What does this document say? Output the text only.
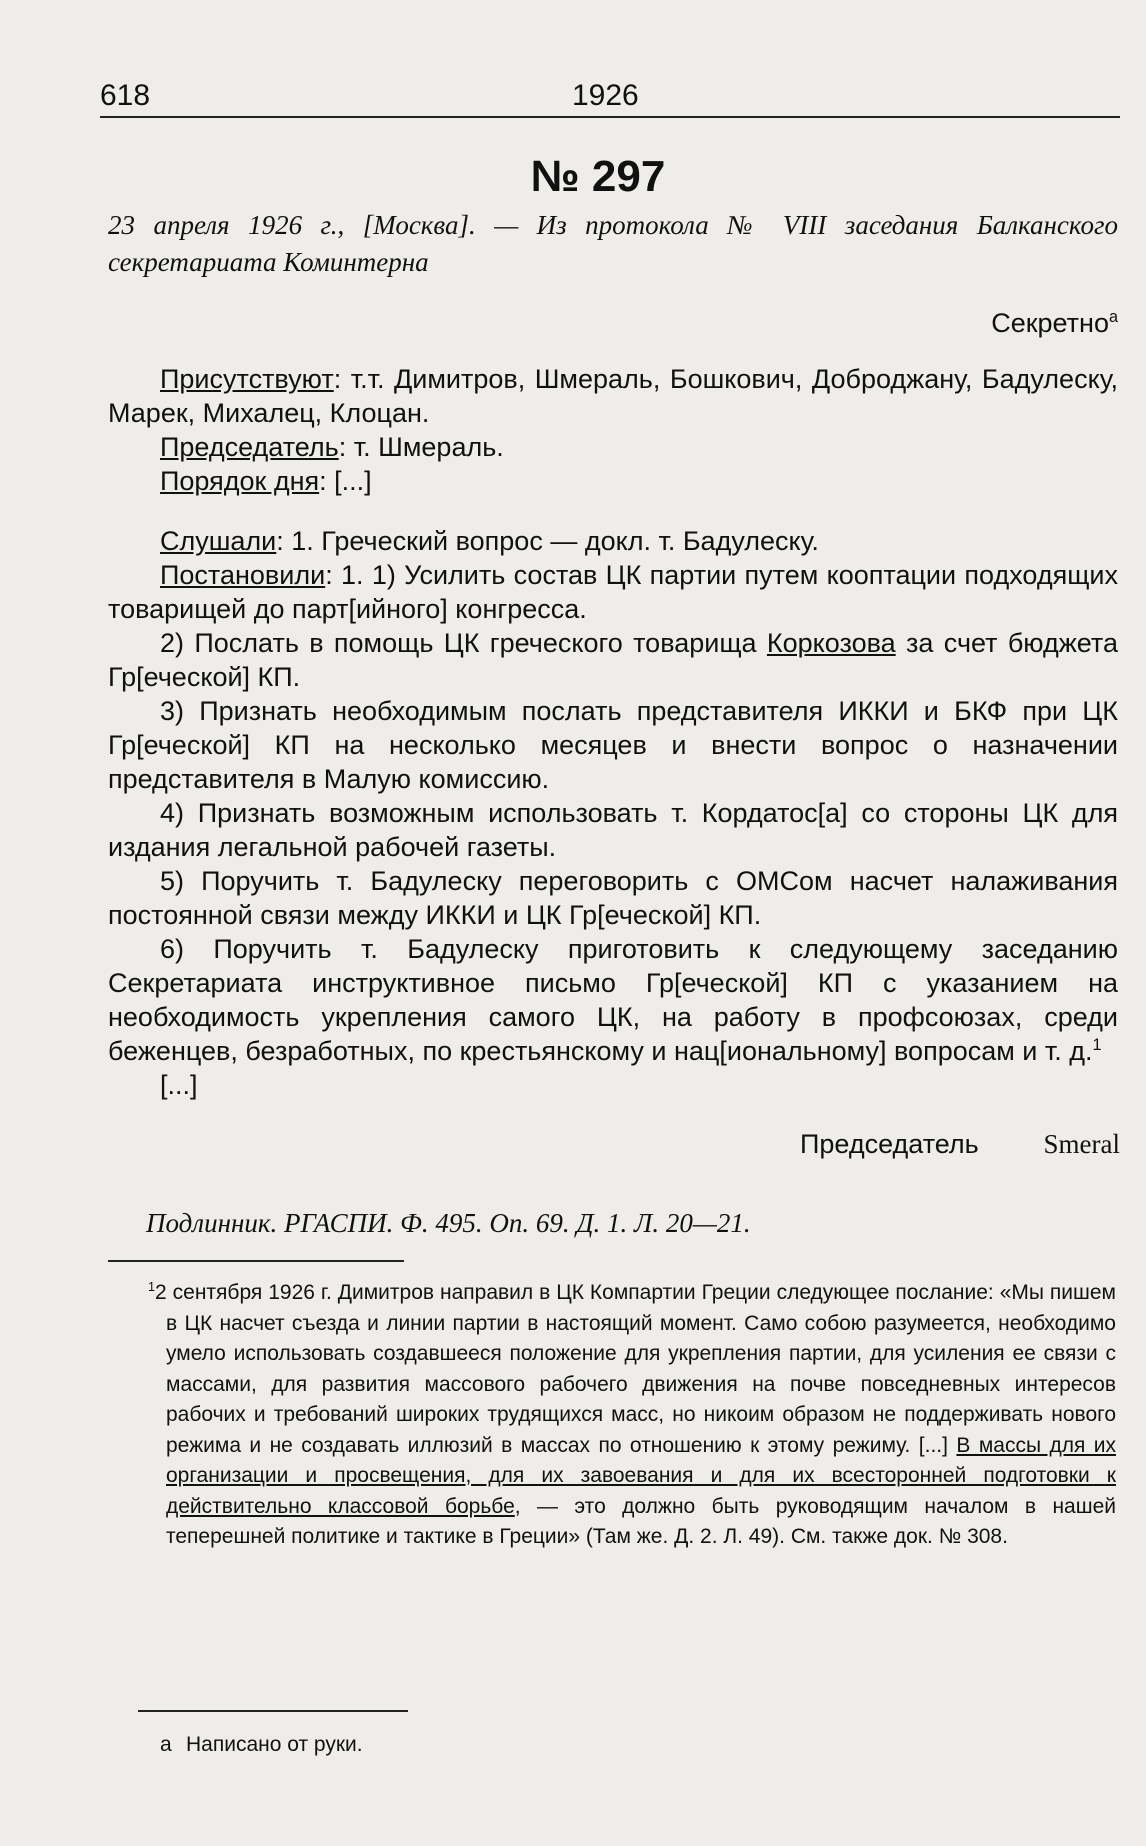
618	1926
№ 297
23 апреля 1926 г., [Москва]. — Из протокола № VIII заседания Балканского секретариата Коминтерна
Секретно$^а$

Присутствуют: т.т. Димитров, Шмераль, Бошкович, Доброджану, Бадулеску, Марек, Михалец, Клоцан.

Председатель: т. Шмераль.

Порядок дня: [...]

Слушали: 1. Греческий вопрос — докл. т. Бадулеску.

Постановили: 1. 1) Усилить состав ЦК партии путем кооптации подходящих товарищей до парт[ийного] конгресса.

2) Послать в помощь ЦК греческого товарища Коркозова за счет бюджета Гр[еческой] КП.

3) Признать необходимым послать представителя ИККИ и БКФ при ЦК Гр[еческой] КП на несколько месяцев и внести вопрос о назначении представителя в Малую комиссию.

4) Признать возможным использовать т. Кордатос[а] со стороны ЦК для издания легальной рабочей газеты.

5) Поручить т. Бадулеску переговорить с ОМСом насчет налаживания постоянной связи между ИККИ и ЦК Гр[еческой] КП.

6) Поручить т. Бадулеску приготовить к следующему заседанию Секретариата инструктивное письмо Гр[еческой] КП с указанием на необходимость укрепления самого ЦК, на работу в профсоюзах, среди беженцев, безработных, по крестьянскому и нац[иональному] вопросам и т. д.$^1$

[...]

Председатель Smeral
Подлинник. РГАСПИ. Ф. 495. Оп. 69. Д. 1. Л. 20—21.
$^1$2 сентября 1926 г. Димитров направил в ЦК Компартии Греции следующее послание: «Мы пишем в ЦК насчет съезда и линии партии в настоящий момент. Само собою разумеется, необходимо умело использовать создавшееся положение для укрепления партии, для усиления ее связи с массами, для развития массового рабочего движения на почве повседневных интересов рабочих и требований широких трудящихся масс, но никоим образом не поддерживать нового режима и не создавать иллюзий в массах по отношению к этому режиму. [...] В массы для их организации и просвещения, для их завоевания и для их всесторонней подготовки к действительно классовой борьбе, — это должно быть руководящим началом в нашей теперешней политике и тактике в Греции» (Там же. Д. 2. Л. 49). См. также док. № 308.
а Написано от руки.
